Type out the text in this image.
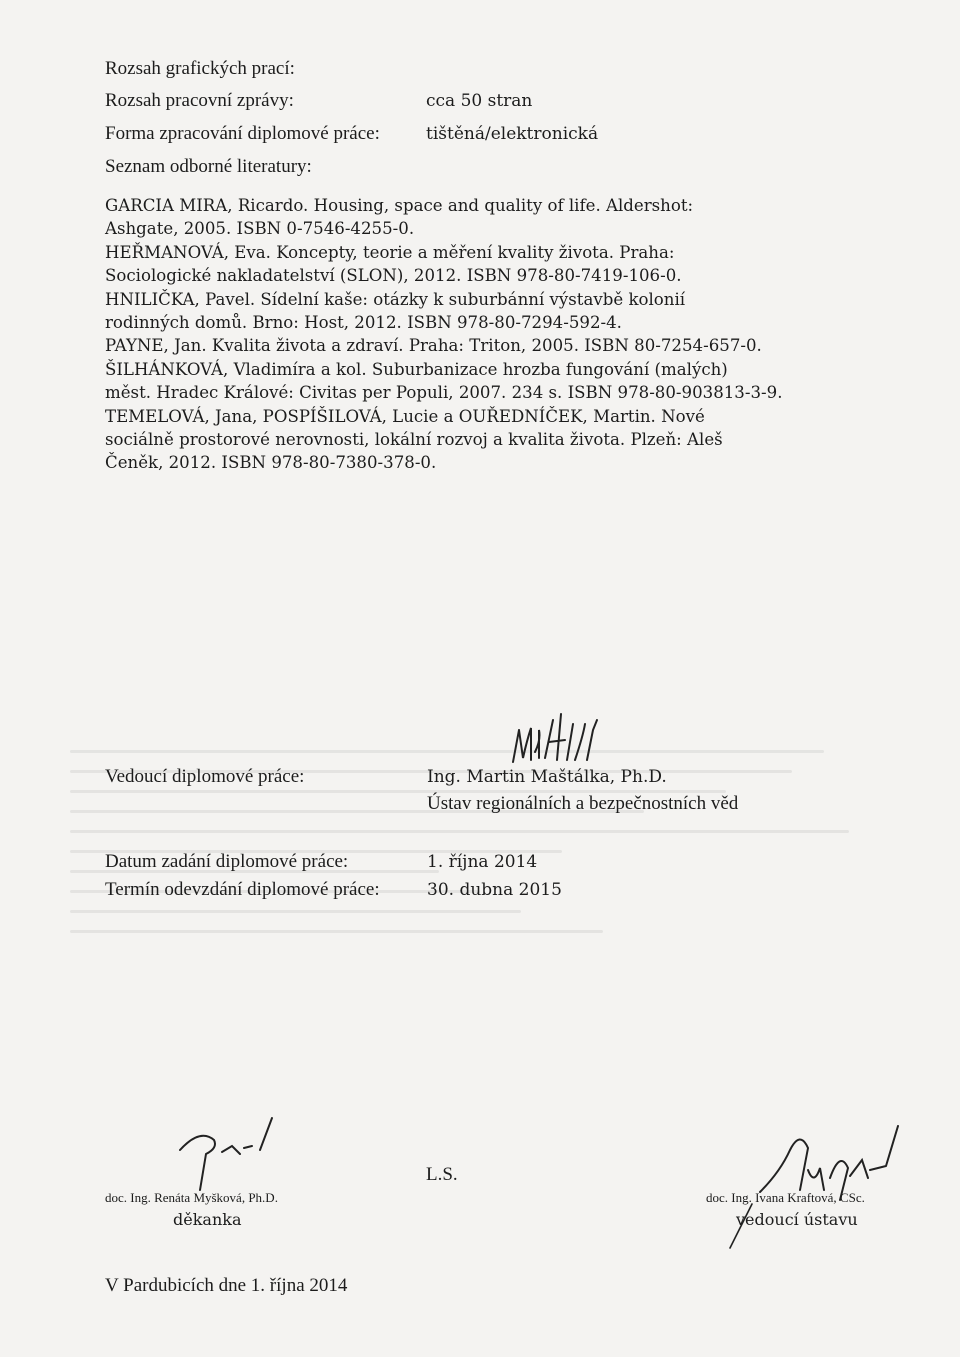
Rozsah grafických prací:
Rozsah pracovní zprávy:	cca 50 stran
Forma zpracování diplomové práce:	tištěná/elektronická
Seznam odborné literatury:
GARCIA MIRA, Ricardo. Housing, space and quality of life. Aldershot:
Ashgate, 2005. ISBN 0-7546-4255-0.
HEŘMANOVÁ, Eva. Koncepty, teorie a měření kvality života. Praha:
Sociologické nakladatelství (SLON), 2012. ISBN 978-80-7419-106-0.
HNILIČKA, Pavel. Sídelní kaše: otázky k suburbánní výstavbě kolonií
rodinných domů. Brno: Host, 2012. ISBN 978-80-7294-592-4.
PAYNE, Jan. Kvalita života a zdraví. Praha: Triton, 2005. ISBN 80-7254-657-0.
ŠILHÁNKOVÁ, Vladimíra a kol. Suburbanizace hrozba fungování (malých)
měst. Hradec Králové: Civitas per Populi, 2007. 234 s. ISBN 978-80-903813-3-9.
TEMELOVÁ, Jana, POSPÍŠILOVÁ, Lucie a OUŘEDNÍČEK, Martin. Nové
sociálně prostorové nerovnosti, lokální rozvoj a kvalita života. Plzeň: Aleš
Čeněk, 2012. ISBN 978-80-7380-378-0.
Vedoucí diplomové práce:	Ing. Martin Maštálka, Ph.D.
Ústav regionálních a bezpečnostních věd
Datum zadání diplomové práce:	1. října 2014
Termín odevzdání diplomové práce:	30. dubna 2015
doc. Ing. Renáta Myšková, Ph.D.
děkanka
L.S.
doc. Ing. Ivana Kraftová, CSc.
vedoucí ústavu
V Pardubicích dne 1. října 2014
